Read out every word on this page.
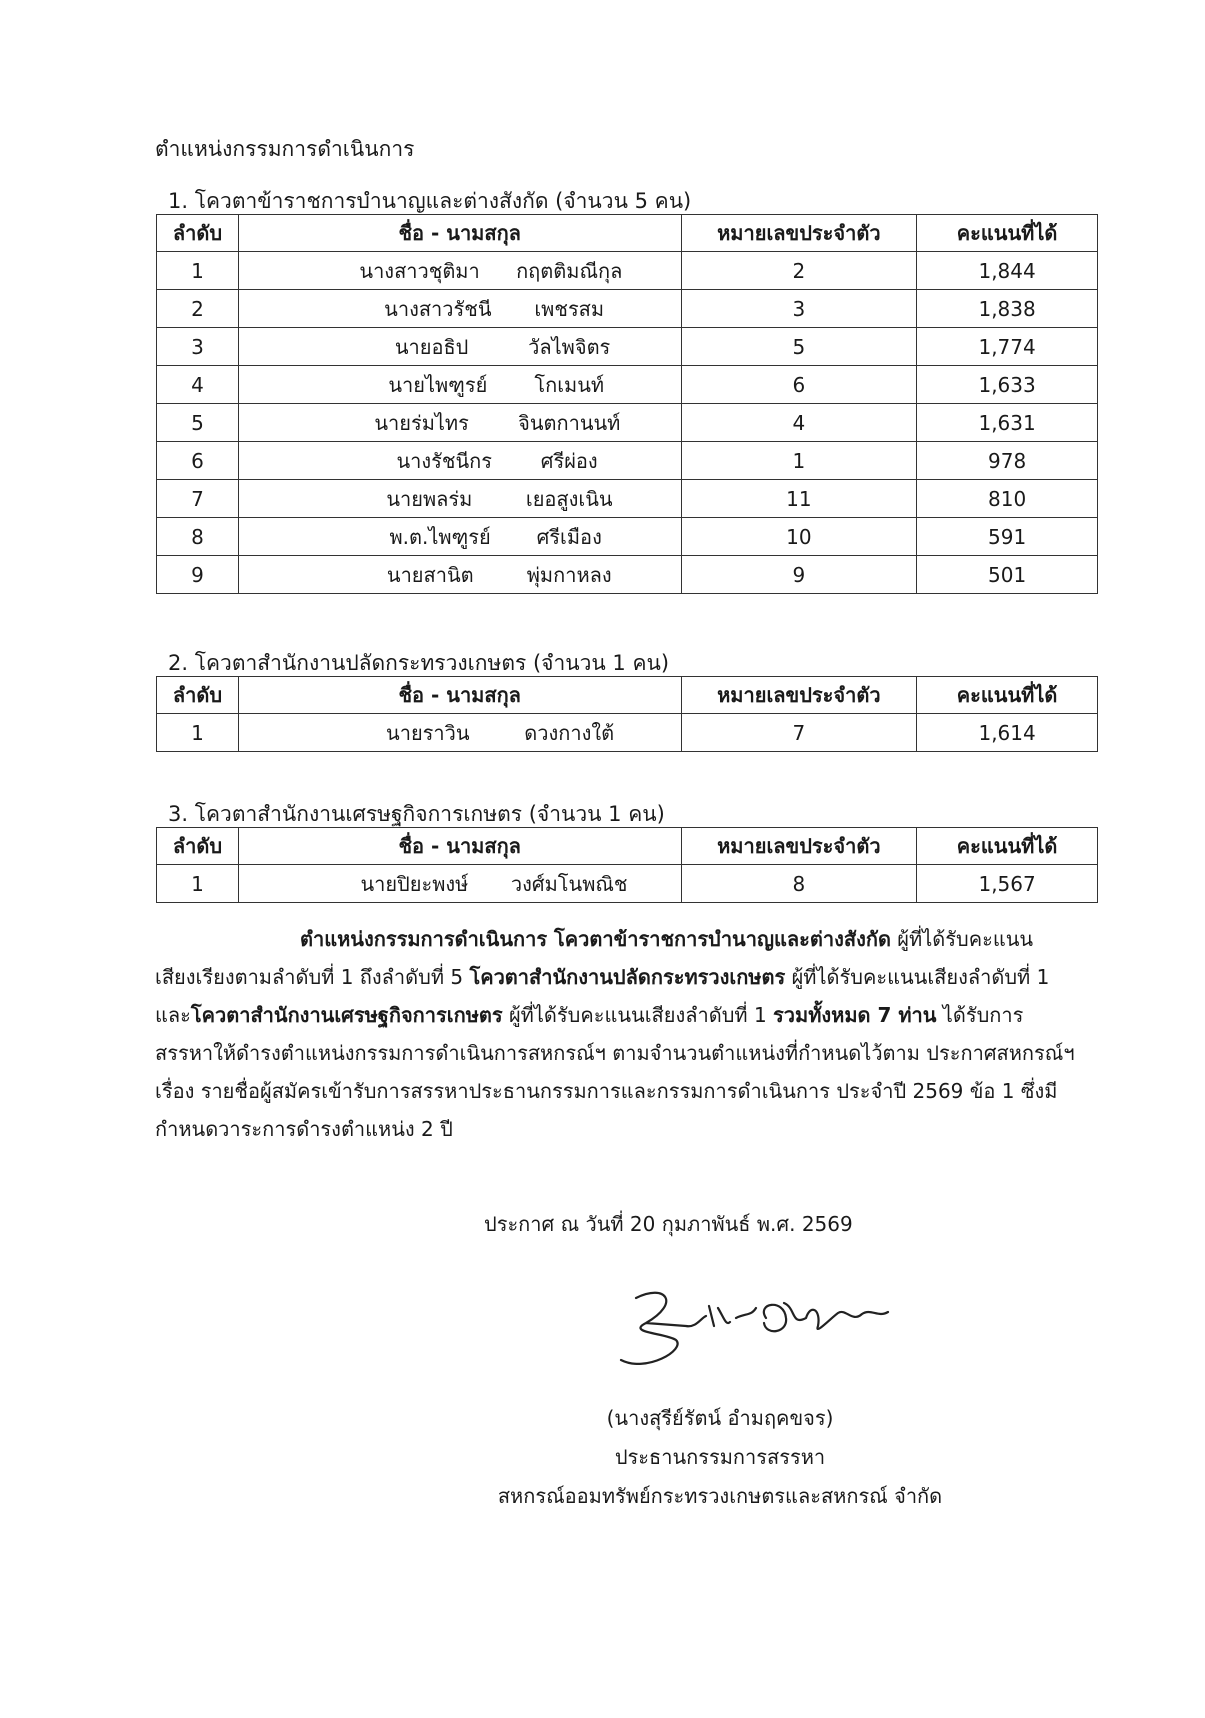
ตำแหน่งกรรมการดำเนินการ
1. โควตาข้าราชการบำนาญและต่างสังกัด (จำนวน 5 คน)
ลำดับ	ชื่อ - นามสกุล	หมายเลขประจำตัว	คะแนนที่ได้
1	นางสาวชุติมา กฤตติมณีกุล	2	1,844
2	นางสาวรัชนี เพชรสม	3	1,838
3	นายอธิป วัลไพจิตร	5	1,774
4	นายไพฑูรย์ โกเมนท์	6	1,633
5	นายร่มไทร จินตกานนท์	4	1,631
6	นางรัชนีกร ศรีผ่อง	1	978
7	นายพลร่ม เยอสูงเนิน	11	810
8	พ.ต.ไพฑูรย์ ศรีเมือง	10	591
9	นายสานิต พุ่มกาหลง	9	501
2. โควตาสำนักงานปลัดกระทรวงเกษตร (จำนวน 1 คน)
ลำดับ	ชื่อ - นามสกุล	หมายเลขประจำตัว	คะแนนที่ได้
1	นายราวิน ดวงกางใต้	7	1,614
3. โควตาสำนักงานเศรษฐกิจการเกษตร (จำนวน 1 คน)
ลำดับ	ชื่อ - นามสกุล	หมายเลขประจำตัว	คะแนนที่ได้
1	นายปิยะพงษ์ วงศ์มโนพณิช	8	1,567
ตำแหน่งกรรมการดำเนินการ โควตาข้าราชการบำนาญและต่างสังกัด ผู้ที่ได้รับคะแนน
เสียงเรียงตามลำดับที่ 1 ถึงลำดับที่ 5 โควตาสำนักงานปลัดกระทรวงเกษตร ผู้ที่ได้รับคะแนนเสียงลำดับที่ 1
และโควตาสำนักงานเศรษฐกิจการเกษตร ผู้ที่ได้รับคะแนนเสียงลำดับที่ 1 รวมทั้งหมด 7 ท่าน ได้รับการ
สรรหาให้ดำรงตำแหน่งกรรมการดำเนินการสหกรณ์ฯ ตามจำนวนตำแหน่งที่กำหนดไว้ตาม ประกาศสหกรณ์ฯ
เรื่อง รายชื่อผู้สมัครเข้ารับการสรรหาประธานกรรมการและกรรมการดำเนินการ ประจำปี 2569 ข้อ 1 ซึ่งมี
กำหนดวาระการดำรงตำแหน่ง 2 ปี
ประกาศ ณ วันที่ 20 กุมภาพันธ์ พ.ศ. 2569
(นางสุรีย์รัตน์ อำมฤคขจร)
ประธานกรรมการสรรหา
สหกรณ์ออมทรัพย์กระทรวงเกษตรและสหกรณ์ จำกัด
